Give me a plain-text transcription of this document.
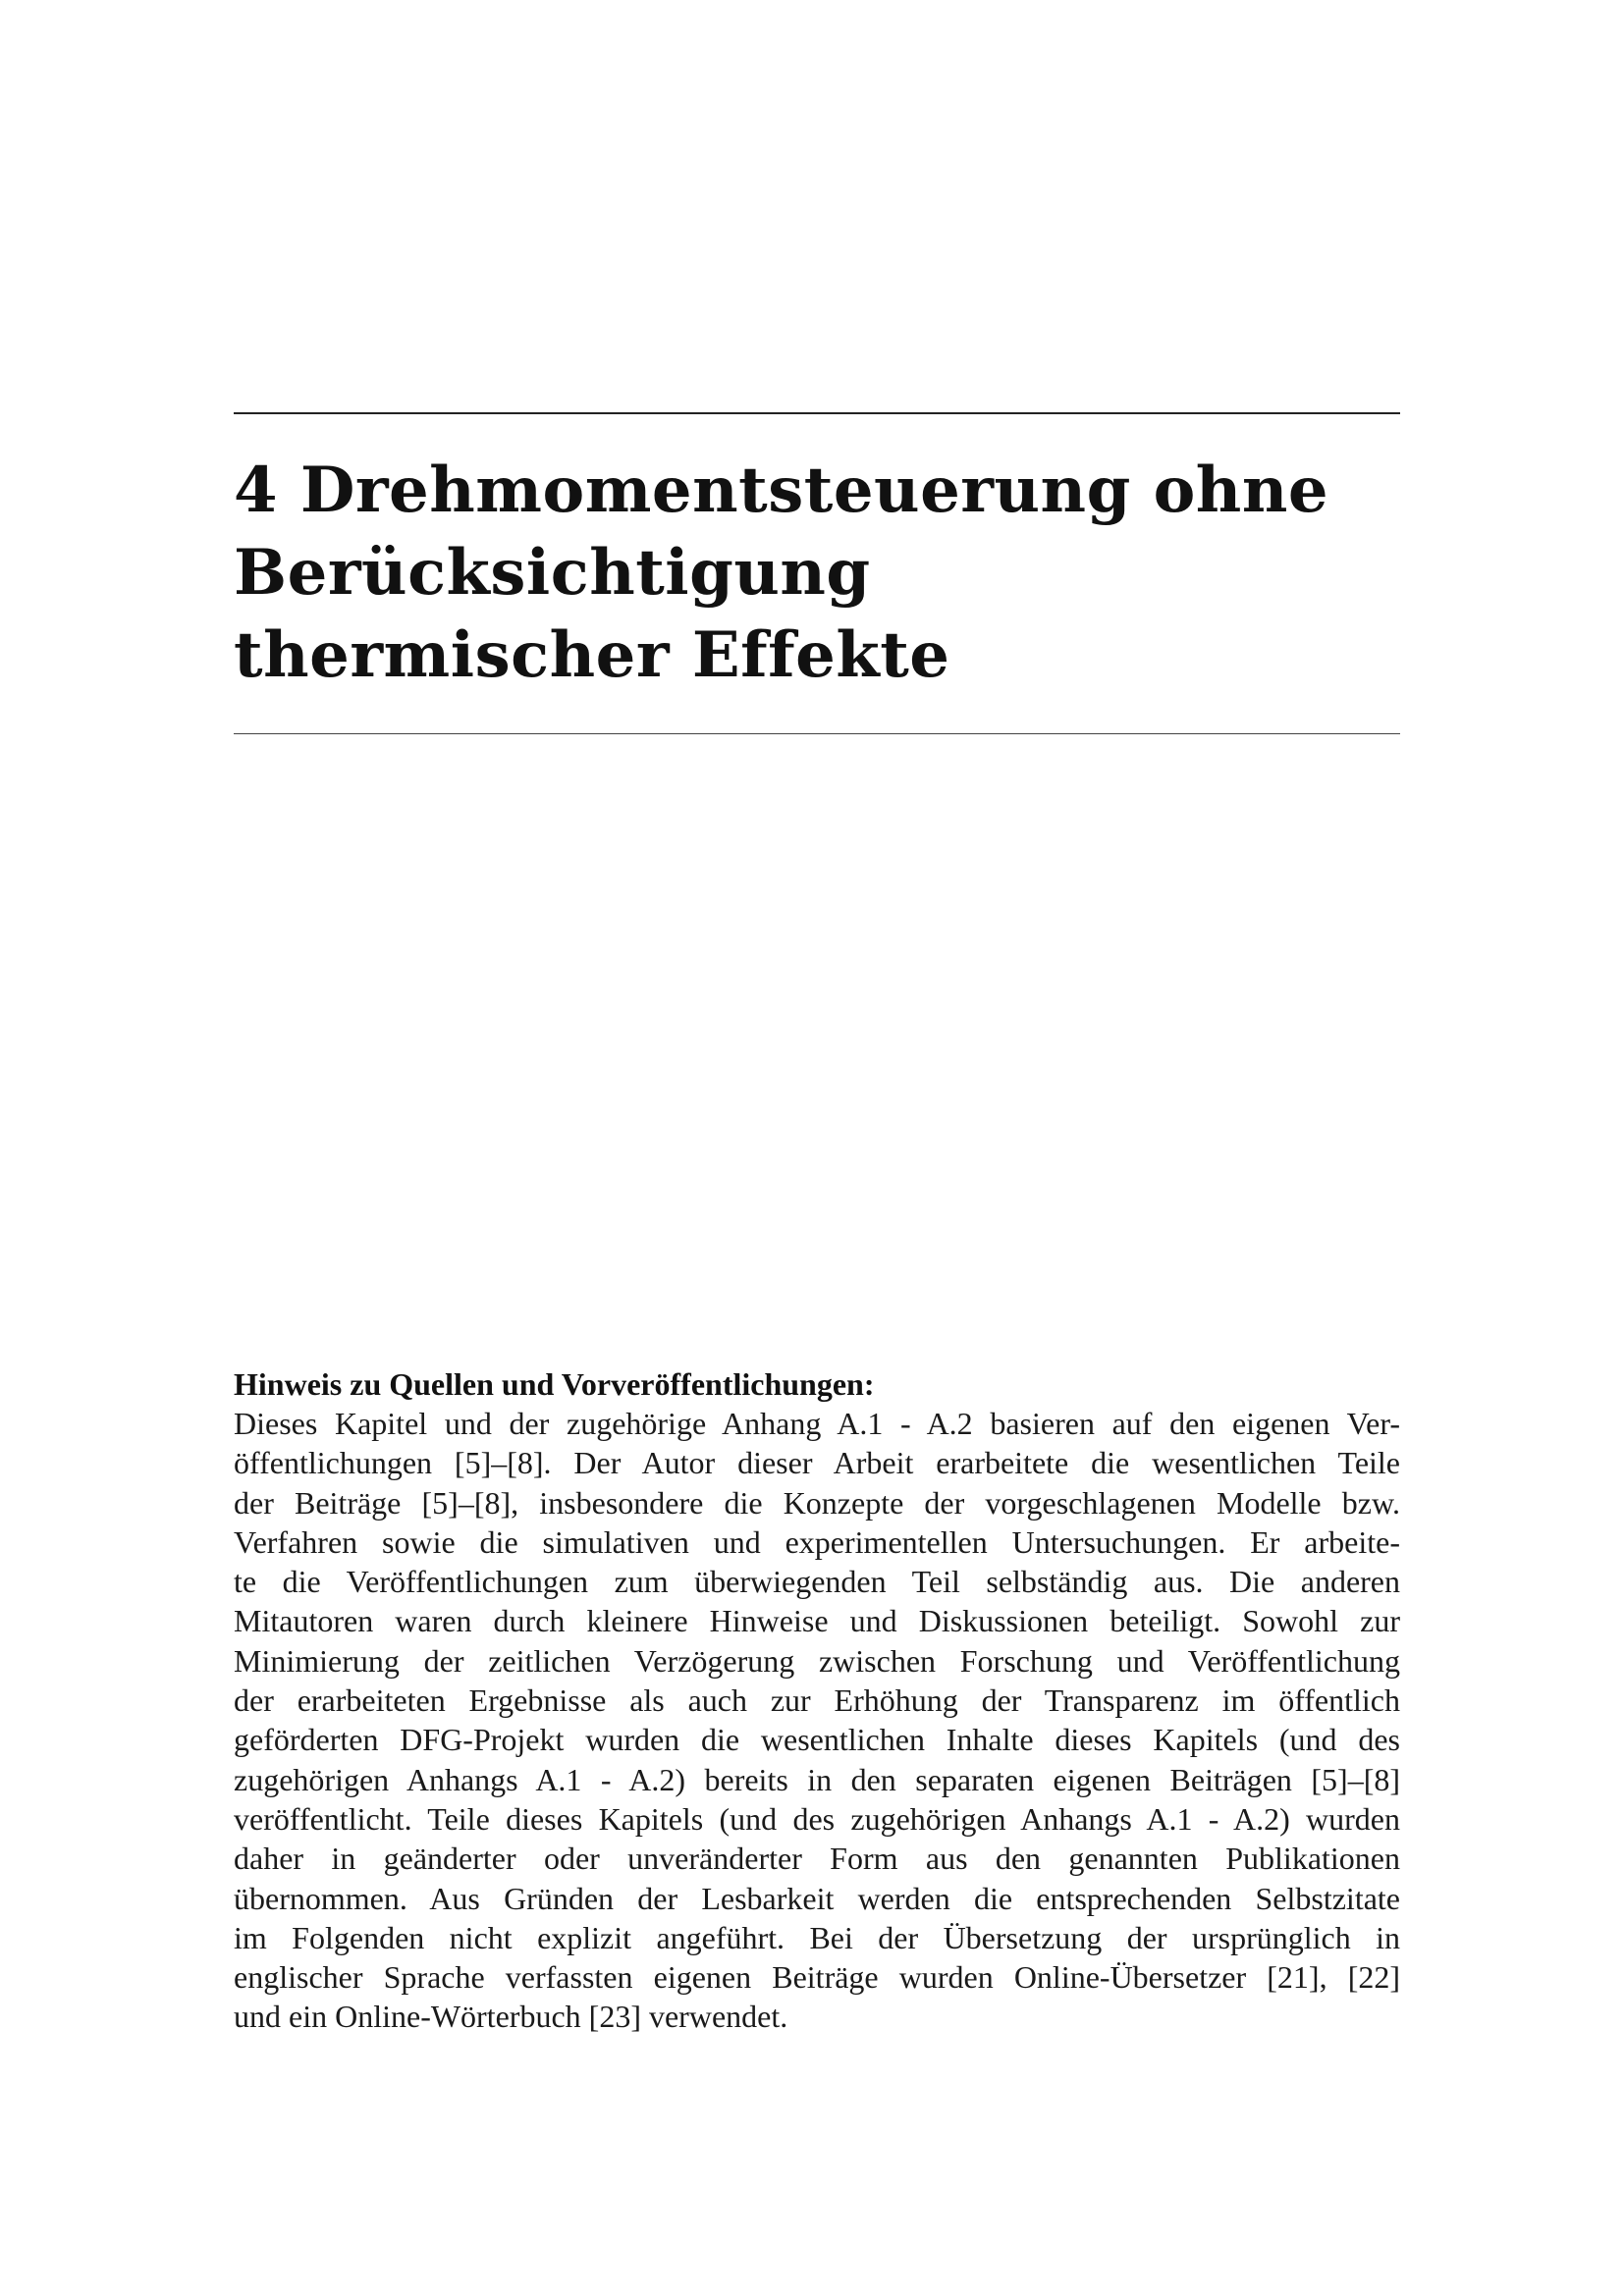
4 Drehmomentsteuerung ohne
Berücksichtigung
thermischer Effekte

Hinweis zu Quellen und Vorveröffentlichungen:

Dieses Kapitel und der zugehörige Anhang A.1 - A.2 basieren auf den eigenen Ver-
öffentlichungen [5]–[8]. Der Autor dieser Arbeit erarbeitete die wesentlichen Teile
der Beiträge [5]–[8], insbesondere die Konzepte der vorgeschlagenen Modelle bzw.
Verfahren sowie die simulativen und experimentellen Untersuchungen. Er arbeite-
te die Veröffentlichungen zum überwiegenden Teil selbständig aus. Die anderen
Mitautoren waren durch kleinere Hinweise und Diskussionen beteiligt. Sowohl zur
Minimierung der zeitlichen Verzögerung zwischen Forschung und Veröffentlichung
der erarbeiteten Ergebnisse als auch zur Erhöhung der Transparenz im öffentlich
geförderten DFG-Projekt wurden die wesentlichen Inhalte dieses Kapitels (und des
zugehörigen Anhangs A.1 - A.2) bereits in den separaten eigenen Beiträgen [5]–[8]
veröffentlicht. Teile dieses Kapitels (und des zugehörigen Anhangs A.1 - A.2) wurden
daher in geänderter oder unveränderter Form aus den genannten Publikationen
übernommen. Aus Gründen der Lesbarkeit werden die entsprechenden Selbstzitate
im Folgenden nicht explizit angeführt. Bei der Übersetzung der ursprünglich in
englischer Sprache verfassten eigenen Beiträge wurden Online-Übersetzer [21], [22]
und ein Online-Wörterbuch [23] verwendet.
